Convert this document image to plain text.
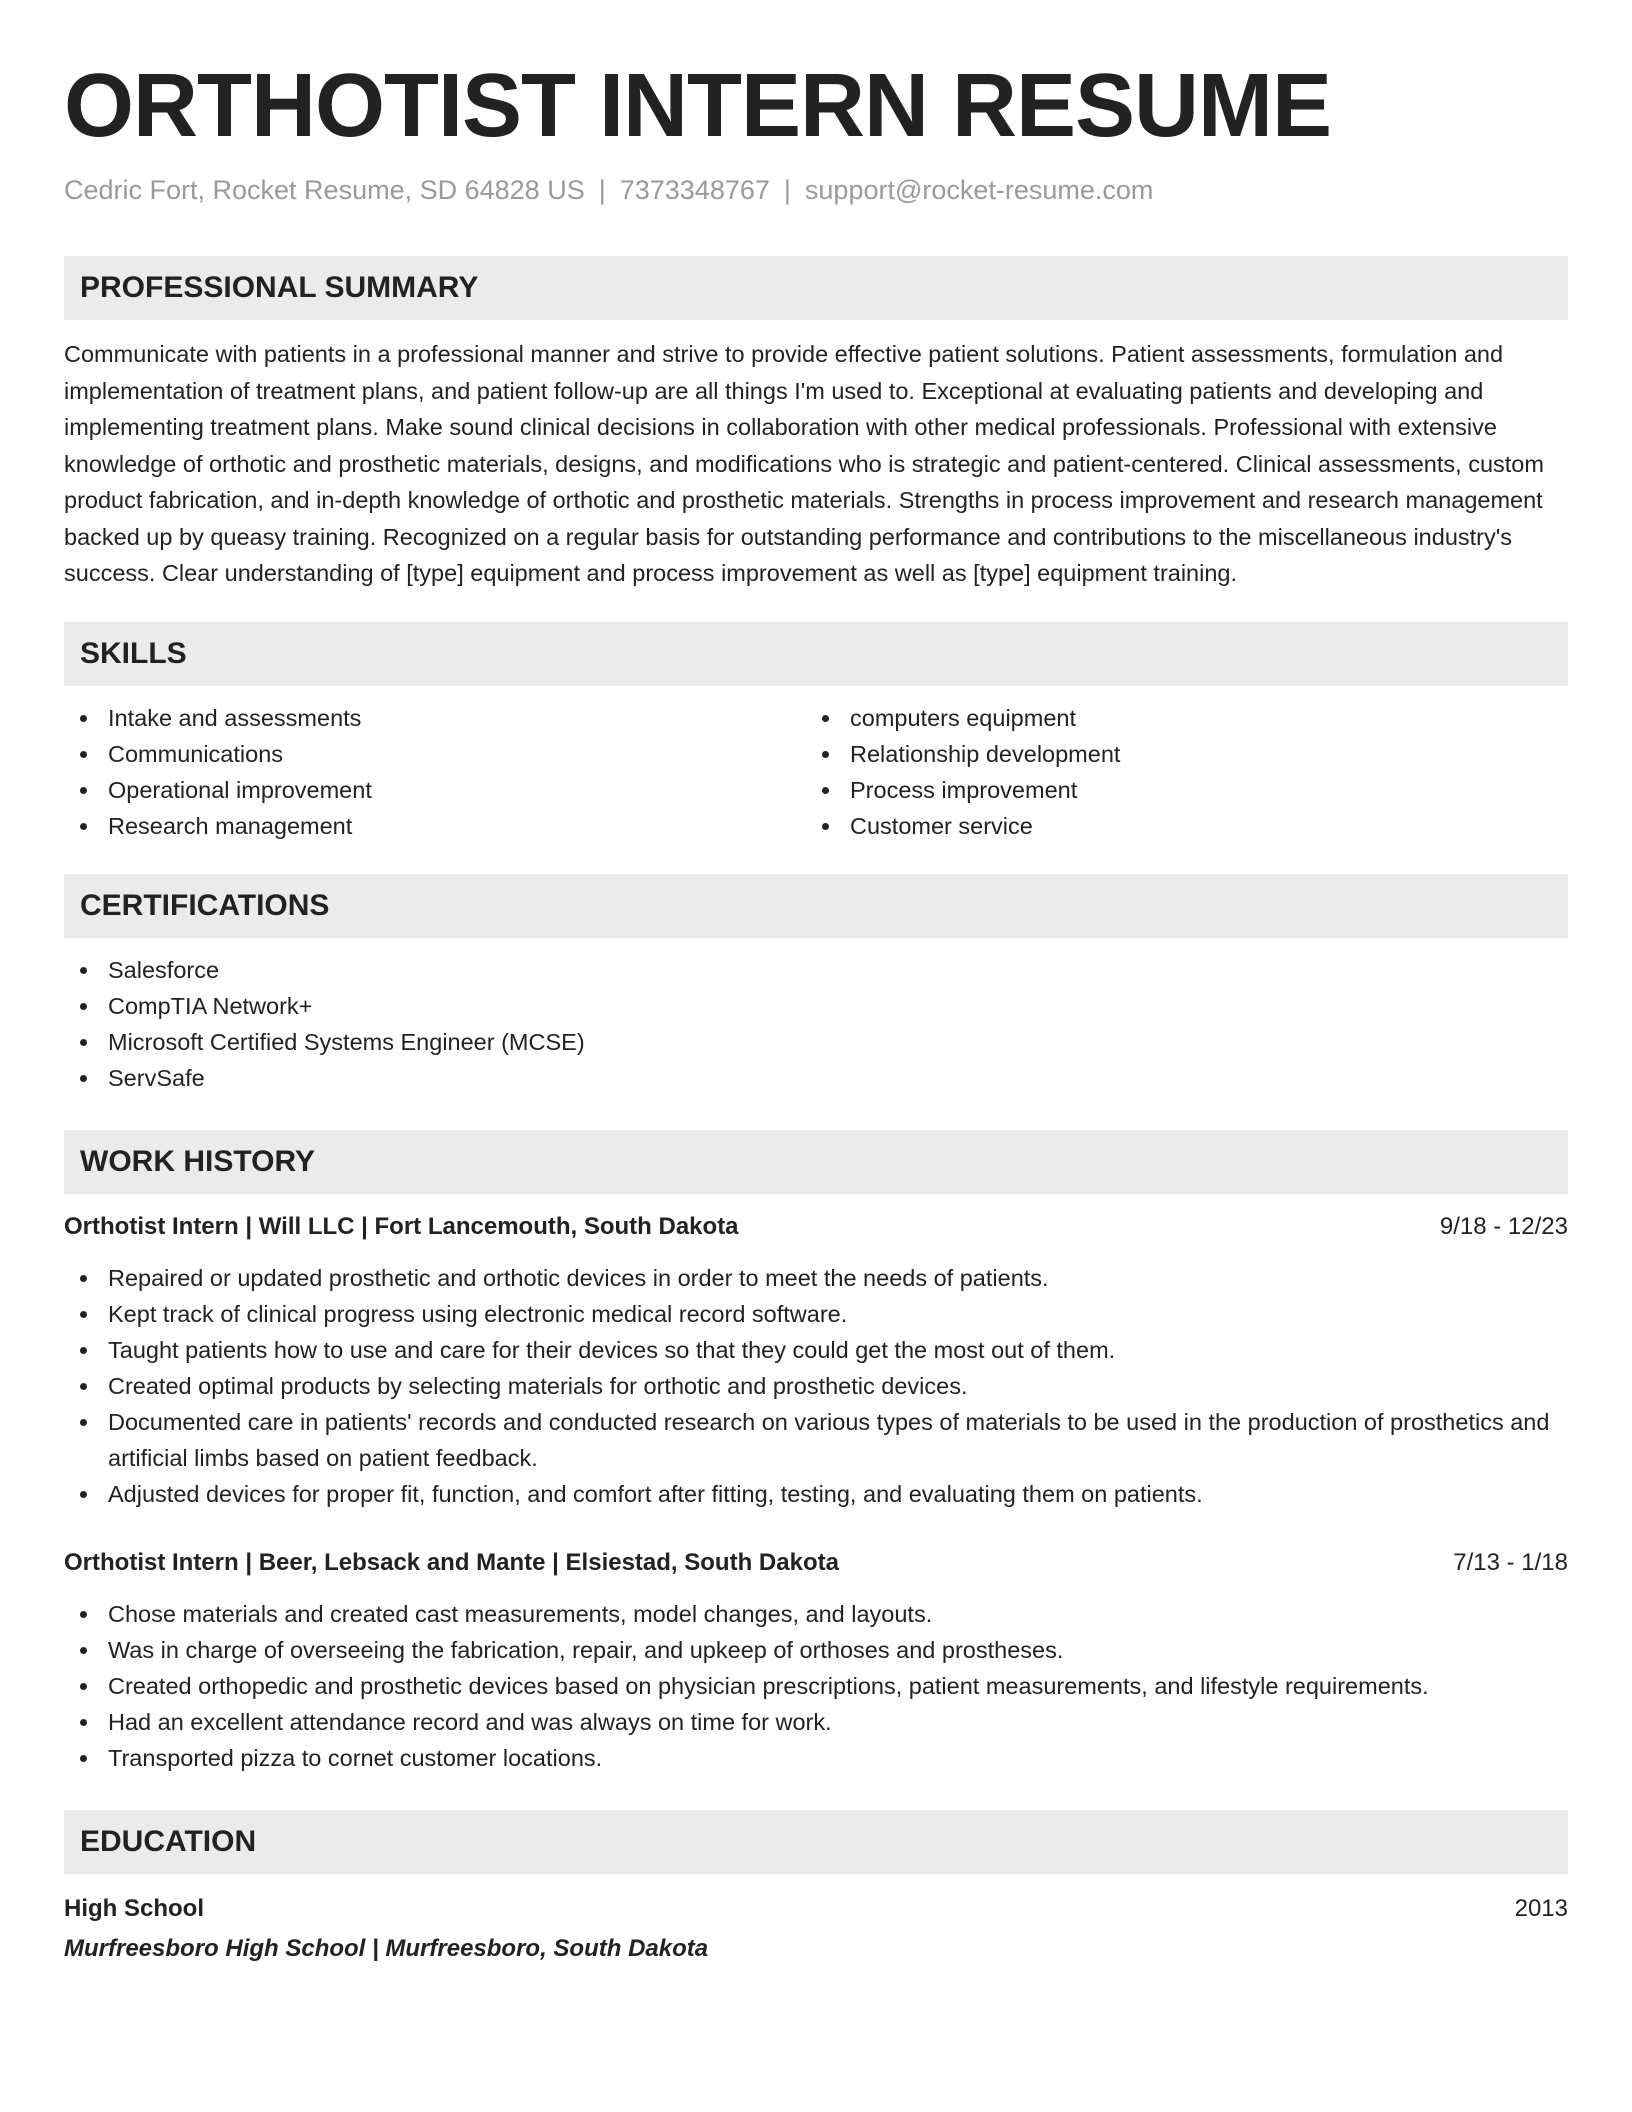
ORTHOTIST INTERN RESUME
Cedric Fort, Rocket Resume, SD 64828 US | 7373348767 | support@rocket-resume.com
PROFESSIONAL SUMMARY

Communicate with patients in a professional manner and strive to provide effective patient solutions. Patient assessments, formulation and implementation of treatment plans, and patient follow-up are all things I'm used to. Exceptional at evaluating patients and developing and implementing treatment plans. Make sound clinical decisions in collaboration with other medical professionals. Professional with extensive knowledge of orthotic and prosthetic materials, designs, and modifications who is strategic and patient-centered. Clinical assessments, custom product fabrication, and in-depth knowledge of orthotic and prosthetic materials. Strengths in process improvement and research management backed up by queasy training. Recognized on a regular basis for outstanding performance and contributions to the miscellaneous industry's success. Clear understanding of [type] equipment and process improvement as well as [type] equipment training.

SKILLS
Intake and assessments
Communications
Operational improvement
Research management
computers equipment
Relationship development
Process improvement
Customer service
CERTIFICATIONS
Salesforce
CompTIA Network+
Microsoft Certified Systems Engineer (MCSE)
ServSafe
WORK HISTORY
Orthotist Intern | Will LLC | Fort Lancemouth, South Dakota	9/18 - 12/23
Repaired or updated prosthetic and orthotic devices in order to meet the needs of patients.
Kept track of clinical progress using electronic medical record software.
Taught patients how to use and care for their devices so that they could get the most out of them.
Created optimal products by selecting materials for orthotic and prosthetic devices.
Documented care in patients' records and conducted research on various types of materials to be used in the production of prosthetics and artificial limbs based on patient feedback.
Adjusted devices for proper fit, function, and comfort after fitting, testing, and evaluating them on patients.
Orthotist Intern | Beer, Lebsack and Mante | Elsiestad, South Dakota	7/13 - 1/18
Chose materials and created cast measurements, model changes, and layouts.
Was in charge of overseeing the fabrication, repair, and upkeep of orthoses and prostheses.
Created orthopedic and prosthetic devices based on physician prescriptions, patient measurements, and lifestyle requirements.
Had an excellent attendance record and was always on time for work.
Transported pizza to cornet customer locations.
EDUCATION
High School	2013
Murfreesboro High School | Murfreesboro, South Dakota
